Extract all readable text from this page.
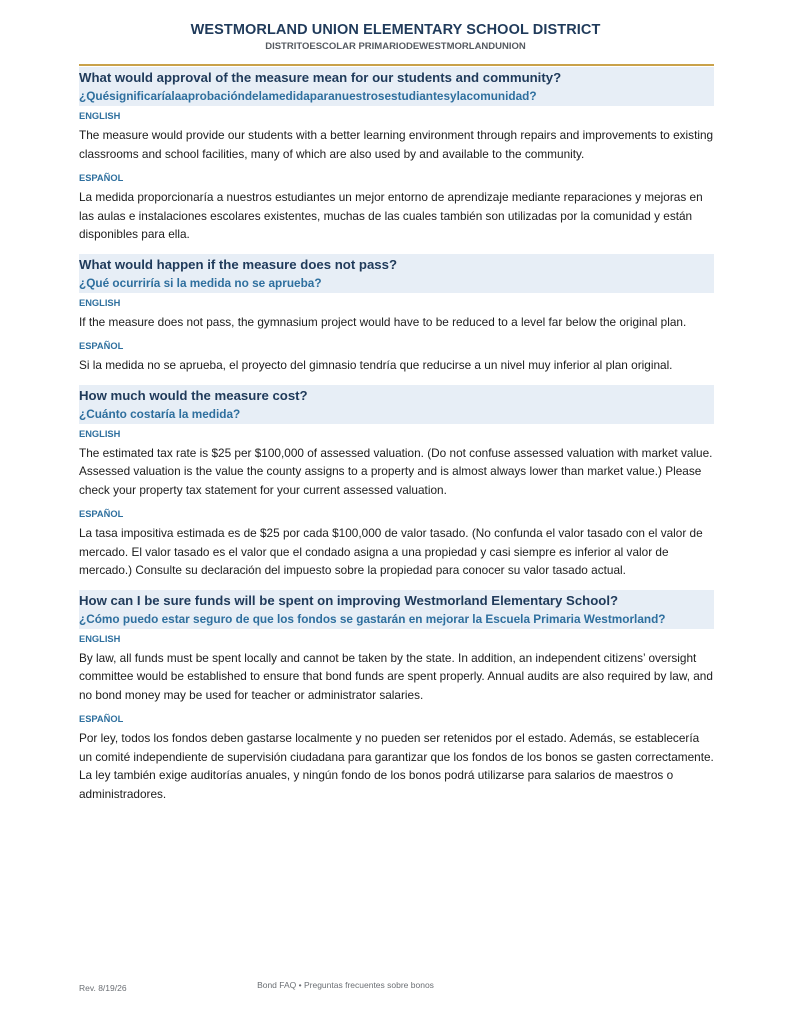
WESTMORLAND UNION ELEMENTARY SCHOOL DISTRICT
DISTRITOESCOLAR PRIMARIODEWESTMORLANDUNION
What would approval of the measure mean for our students and community?
¿Quésignificaríalaaprobacióndelamedidaparanuestrosestudiantesylacomunidad?
ENGLISH
The measure would provide our students with a better learning environment through repairs and improvements to existing classrooms and school facilities, many of which are also used by and available to the community.
ESPAÑOL
La medida proporcionaría a nuestros estudiantes un mejor entorno de aprendizaje mediante reparaciones y mejoras en las aulas e instalaciones escolares existentes, muchas de las cuales también son utilizadas por la comunidad y están disponibles para ella.
What would happen if the measure does not pass?
¿Qué ocurriría si la medida no se aprueba?
ENGLISH
If the measure does not pass, the gymnasium project would have to be reduced to a level far below the original plan.
ESPAÑOL
Si la medida no se aprueba, el proyecto del gimnasio tendría que reducirse a un nivel muy inferior al plan original.
How much would the measure cost?
¿Cuánto costaría la medida?
ENGLISH
The estimated tax rate is $25 per $100,000 of assessed valuation. (Do not confuse assessed valuation with market value. Assessed valuation is the value the county assigns to a property and is almost always lower than market value.) Please check your property tax statement for your current assessed valuation.
ESPAÑOL
La tasa impositiva estimada es de $25 por cada $100,000 de valor tasado. (No confunda el valor tasado con el valor de mercado. El valor tasado es el valor que el condado asigna a una propiedad y casi siempre es inferior al valor de mercado.) Consulte su declaración del impuesto sobre la propiedad para conocer su valor tasado actual.
How can I be sure funds will be spent on improving Westmorland Elementary School?
¿Cómo puedo estar seguro de que los fondos se gastarán en mejorar la Escuela Primaria Westmorland?
ENGLISH
By law, all funds must be spent locally and cannot be taken by the state. In addition, an independent citizens’ oversight committee would be established to ensure that bond funds are spent properly. Annual audits are also required by law, and no bond money may be used for teacher or administrator salaries.
ESPAÑOL
Por ley, todos los fondos deben gastarse localmente y no pueden ser retenidos por el estado. Además, se establecería un comité independiente de supervisión ciudadana para garantizar que los fondos de los bonos se gasten correctamente. La ley también exige auditorías anuales, y ningún fondo de los bonos podrá utilizarse para salarios de maestros o administradores.
Rev. 8/19/26	Bond FAQ • Preguntas frecuentes sobre bonos
